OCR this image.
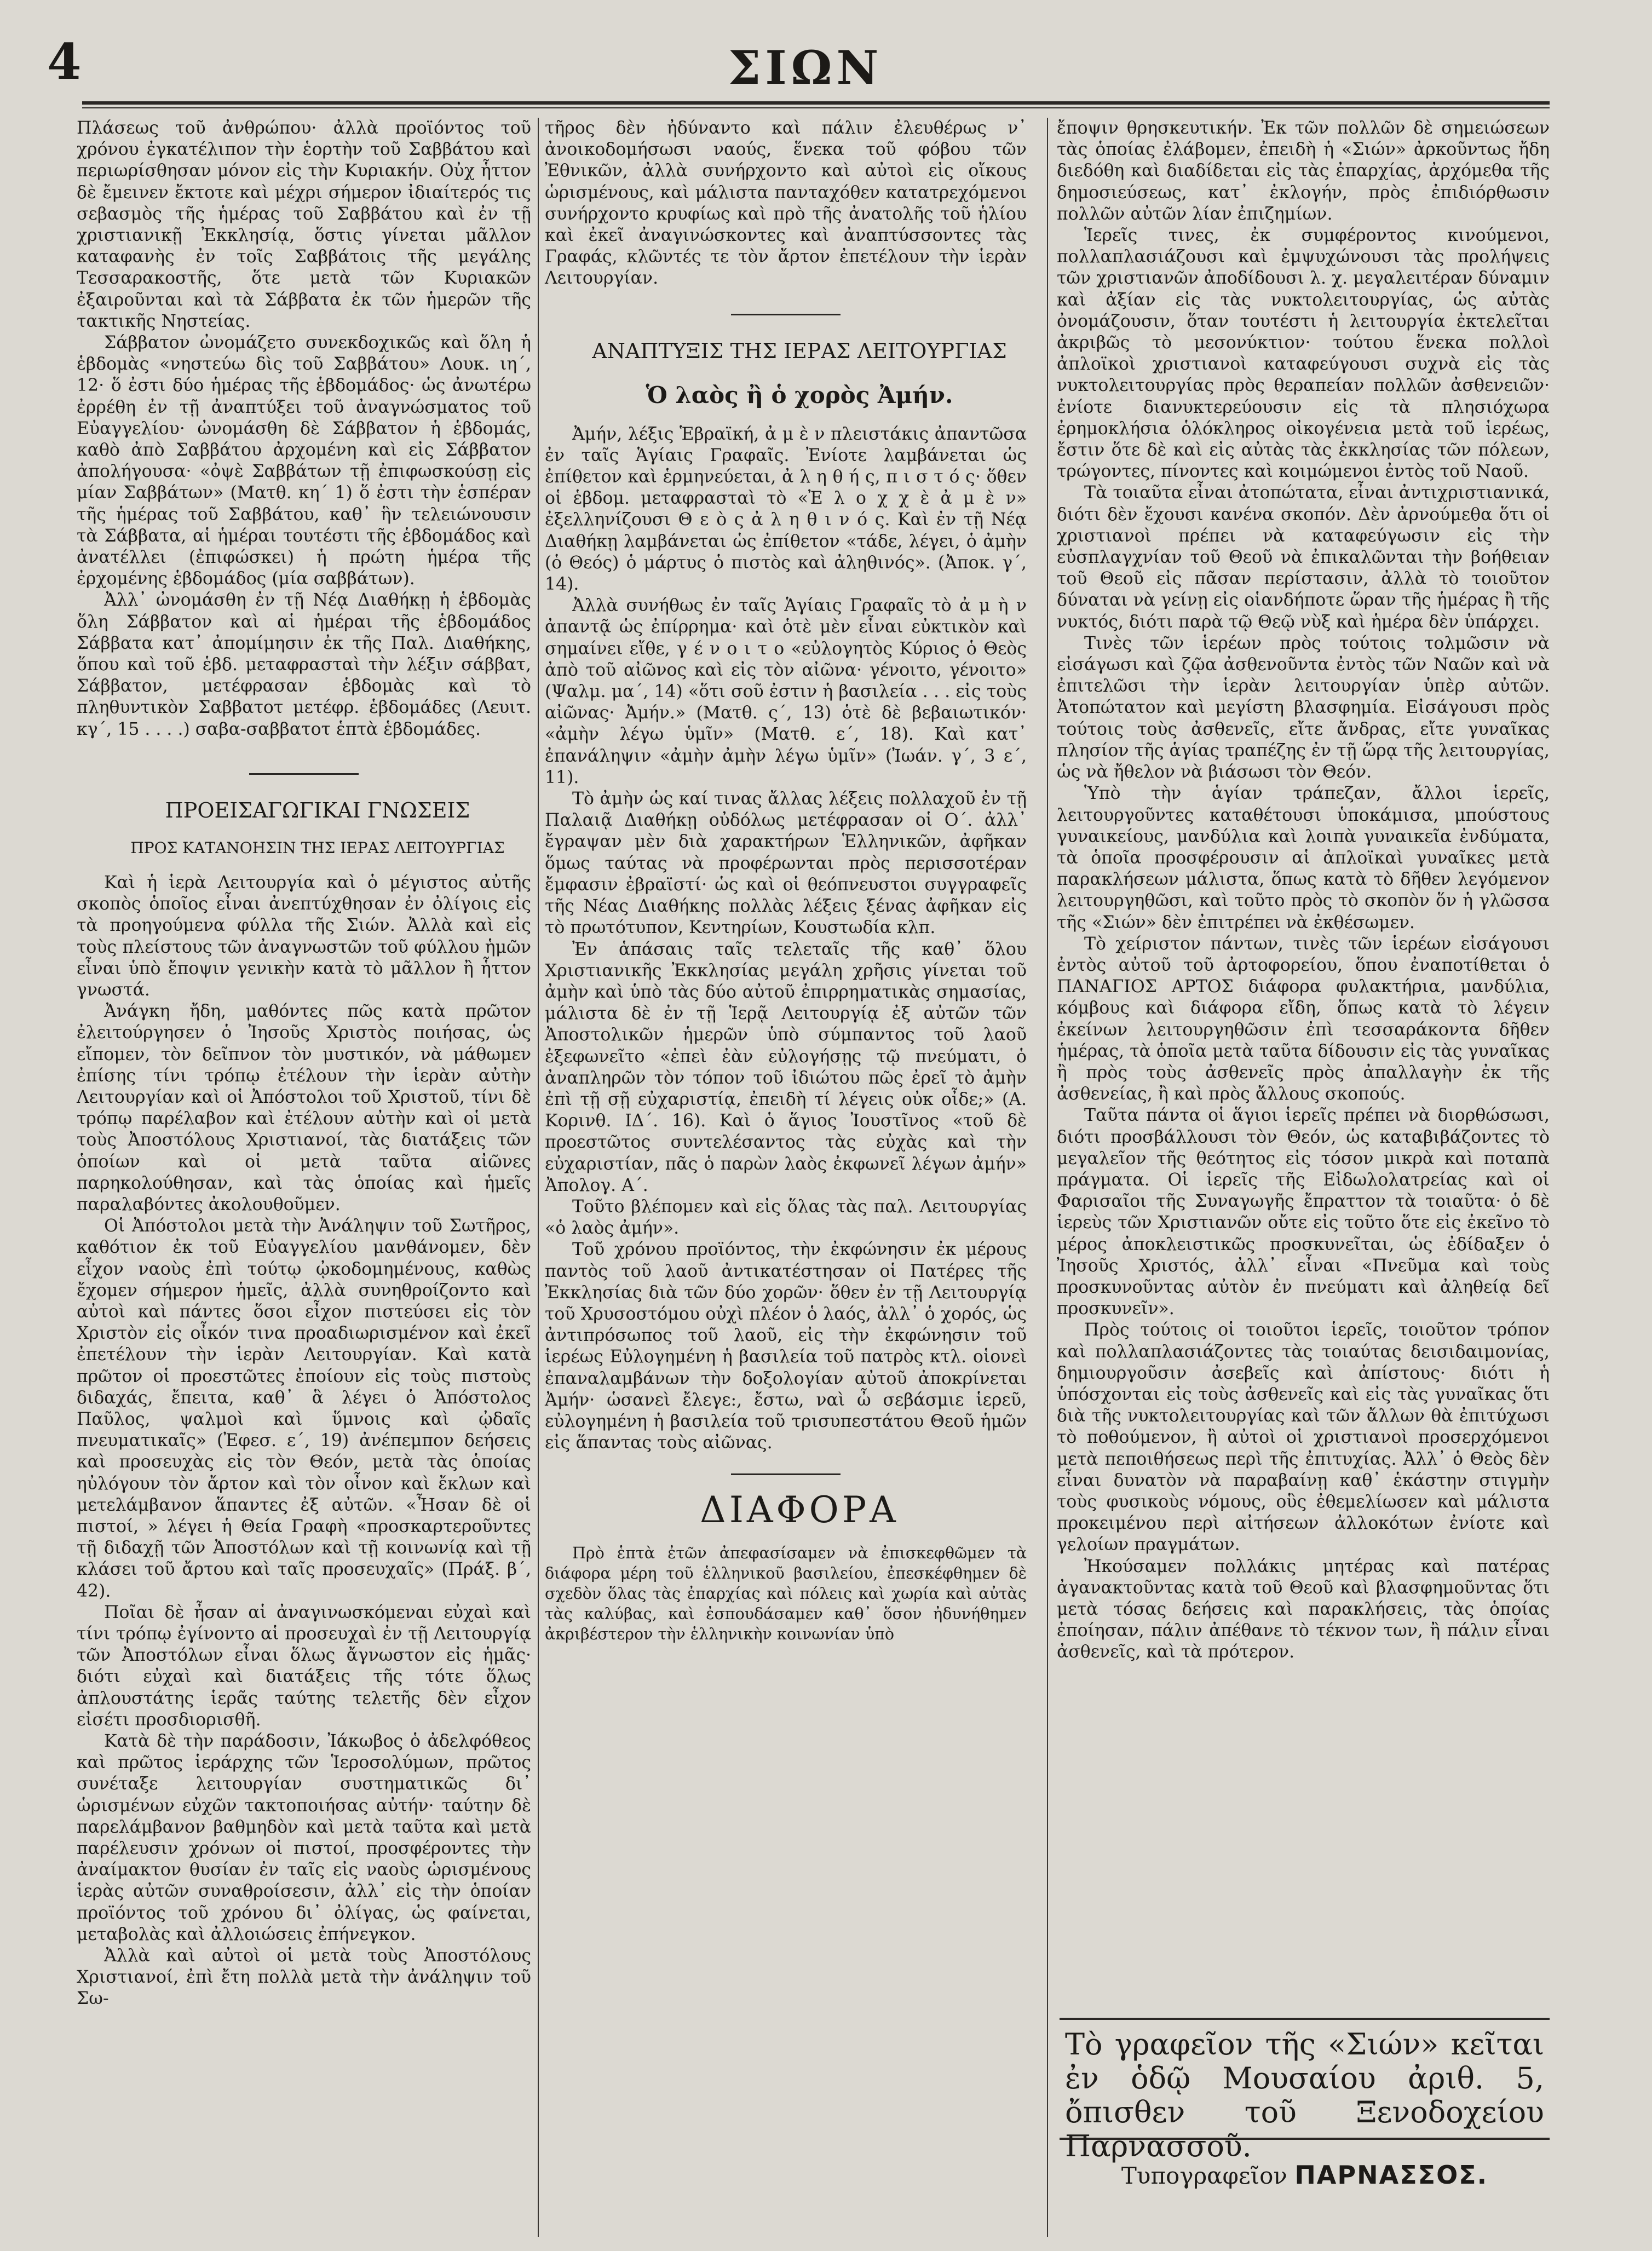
4	ΣΙΩΝ

Πλάσεως τοῦ ἀνθρώπου· ἀλλὰ προϊόντος τοῦ χρόνου ἐγκατέλιπον τὴν ἑορτὴν τοῦ Σαββάτου καὶ περιωρίσθησαν μόνον εἰς τὴν Κυριακήν. Οὐχ ἧττον δὲ ἔμεινεν ἔκτοτε καὶ μέχρι σήμερον ἰδιαίτερός τις σεβασμὸς τῆς ἡμέρας τοῦ Σαββάτου καὶ ἐν τῇ χριστιανικῇ Ἐκκλησίᾳ, ὅστις γίνεται μᾶλλον καταφανὴς ἐν τοῖς Σαββάτοις τῆς μεγάλης Τεσσαρακοστῆς, ὅτε μετὰ τῶν Κυριακῶν ἐξαιροῦνται καὶ τὰ Σάββατα ἐκ τῶν ἡμερῶν τῆς τακτικῆς Νηστείας.

Σάββατον ὠνομάζετο συνεκδοχικῶς καὶ ὅλη ἡ ἑβδομὰς «νηστεύω δὶς τοῦ Σαββάτου» Λουκ. ιη΄, 12· ὅ ἐστι δύο ἡμέρας τῆς ἑβδομάδος· ὡς ἀνωτέρω ἐρρέθη ἐν τῇ ἀναπτύξει τοῦ ἀναγνώσματος τοῦ Εὐαγγελίου· ὠνομάσθη δὲ Σάββατον ἡ ἑβδομάς, καθὸ ἀπὸ Σαββάτου ἀρχομένη καὶ εἰς Σάββατον ἀπολήγουσα· «ὀψὲ Σαββάτων τῇ ἐπιφωσκούσῃ εἰς μίαν Σαββάτων» (Ματθ. κη΄ 1) ὅ ἐστι τὴν ἑσπέραν τῆς ἡμέρας τοῦ Σαββάτου, καθ᾽ ἣν τελειώνουσιν τὰ Σάββατα, αἱ ἡμέραι τουτέστι τῆς ἑβδομάδος καὶ ἀνατέλλει (ἐπιφώσκει) ἡ πρώτη ἡμέρα τῆς ἐρχομένης ἑβδομάδος (μία σαββάτων).

Ἀλλ᾽ ὠνομάσθη ἐν τῇ Νέᾳ Διαθήκῃ ἡ ἑβδομὰς ὅλη Σάββατον καὶ αἱ ἡμέραι τῆς ἑβδομάδος Σάββατα κατ᾽ ἀπομίμησιν ἐκ τῆς Παλ. Διαθήκης, ὅπου καὶ τοῦ ἑβδ. μεταφρασταὶ τὴν λέξιν σάββατ, Σάββατον, μετέφρασαν ἑβδομὰς καὶ τὸ πληθυντικὸν Σαββατοτ μετέφρ. ἑβδομάδες (Λευιτ. κγ΄, 15 . . . .) σαβα-σαββατοτ ἑπτὰ ἑβδομάδες.

ΠΡΟΕΙΣΑΓΩΓΙΚΑΙ ΓΝΩΣΕΙΣ

ΠΡΟΣ ΚΑΤΑΝΟΗΣΙΝ ΤΗΣ ΙΕΡΑΣ ΛΕΙΤΟΥΡΓΙΑΣ

Καὶ ἡ ἱερὰ Λειτουργία καὶ ὁ μέγιστος αὐτῆς σκοπὸς ὁποῖος εἶναι ἀνεπτύχθησαν ἐν ὀλίγοις εἰς τὰ προηγούμενα φύλλα τῆς Σιών. Ἀλλὰ καὶ εἰς τοὺς πλείστους τῶν ἀναγνωστῶν τοῦ φύλλου ἡμῶν εἶναι ὑπὸ ἔποψιν γενικὴν κατὰ τὸ μᾶλλον ἢ ἧττον γνωστά.

Ἀνάγκη ἤδη, μαθόντες πῶς κατὰ πρῶτον ἐλειτούργησεν ὁ Ἰησοῦς Χριστὸς ποιήσας, ὡς εἴπομεν, τὸν δεῖπνον τὸν μυστικόν, νὰ μάθωμεν ἐπίσης τίνι τρόπῳ ἐτέλουν τὴν ἱερὰν αὐτὴν Λειτουργίαν καὶ οἱ Ἀπόστολοι τοῦ Χριστοῦ, τίνι δὲ τρόπῳ παρέλαβον καὶ ἐτέλουν αὐτὴν καὶ οἱ μετὰ τοὺς Ἀποστόλους Χριστιανοί, τὰς διατάξεις τῶν ὁποίων καὶ οἱ μετὰ ταῦτα αἰῶνες παρηκολούθησαν, καὶ τὰς ὁποίας καὶ ἡμεῖς παραλαβόντες ἀκολουθοῦμεν.

Οἱ Ἀπόστολοι μετὰ τὴν Ἀνάληψιν τοῦ Σωτῆρος, καθότιον ἐκ τοῦ Εὐαγγελίου μανθάνομεν, δὲν εἶχον ναοὺς ἐπὶ τούτῳ ᾠκοδομημένους, καθὼς ἔχομεν σήμερον ἡμεῖς, ἀλλὰ συνηθροίζοντο καὶ αὐτοὶ καὶ πάντες ὅσοι εἶχον πιστεύσει εἰς τὸν Χριστὸν εἰς οἶκόν τινα προαδιωρισμένον καὶ ἐκεῖ ἐπετέλουν τὴν ἱερὰν Λειτουργίαν. Καὶ κατὰ πρῶτον οἱ προεστῶτες ἐποίουν εἰς τοὺς πιστοὺς διδαχάς, ἔπειτα, καθ᾽ ἃ λέγει ὁ Ἀπόστολος Παῦλος, ψαλμοὶ καὶ ὕμνοις καὶ ᾠδαῖς πνευματικαῖς» (Ἐφεσ. ε΄, 19) ἀνέπεμπον δεήσεις καὶ προσευχὰς εἰς τὸν Θεόν, μετὰ τὰς ὁποίας ηὐλόγουν τὸν ἄρτον καὶ τὸν οἶνον καὶ ἔκλων καὶ μετελάμβανον ἅπαντες ἐξ αὐτῶν. «Ἦσαν δὲ οἱ πιστοί, » λέγει ἡ Θεία Γραφὴ «προσκαρτεροῦντες τῇ διδαχῇ τῶν Ἀποστόλων καὶ τῇ κοινωνίᾳ καὶ τῇ κλάσει τοῦ ἄρτου καὶ ταῖς προσευχαῖς» (Πράξ. β΄, 42).

Ποῖαι δὲ ἦσαν αἱ ἀναγινωσκόμεναι εὐχαὶ καὶ τίνι τρόπῳ ἐγίνοντο αἱ προσευχαὶ ἐν τῇ Λειτουργίᾳ τῶν Ἀποστόλων εἶναι ὅλως ἄγνωστον εἰς ἡμᾶς· διότι εὐχαὶ καὶ διατάξεις τῆς τότε ὅλως ἀπλουστάτης ἱερᾶς ταύτης τελετῆς δὲν εἶχον εἰσέτι προσδιορισθῆ.

Κατὰ δὲ τὴν παράδοσιν, Ἰάκωβος ὁ ἀδελφόθεος καὶ πρῶτος ἱεράρχης τῶν Ἱεροσολύμων, πρῶτος συνέταξε λειτουργίαν συστηματικῶς δι᾽ ὡρισμένων εὐχῶν τακτοποιήσας αὐτήν· ταύτην δὲ παρελάμβανον βαθμηδὸν καὶ μετὰ ταῦτα καὶ μετὰ παρέλευσιν χρόνων οἱ πιστοί, προσφέροντες τὴν ἀναίμακτον θυσίαν ἐν ταῖς εἰς ναοὺς ὡρισμένους ἱερὰς αὐτῶν συναθροίσεσιν, ἀλλ᾽ εἰς τὴν ὁποίαν προϊόντος τοῦ χρόνου δι᾽ ὀλίγας, ὡς φαίνεται, μεταβολὰς καὶ ἀλλοιώσεις ἐπήνεγκον.

Ἀλλὰ καὶ αὐτοὶ οἱ μετὰ τοὺς Ἀποστόλους Χριστιανοί, ἐπὶ ἔτη πολλὰ μετὰ τὴν ἀνάληψιν τοῦ Σω-

τῆρος δὲν ἠδύναντο καὶ πάλιν ἐλευθέρως ν᾽ ἀνοικοδομήσωσι ναούς, ἕνεκα τοῦ φόβου τῶν Ἐθνικῶν, ἀλλὰ συνήρχοντο καὶ αὐτοὶ εἰς οἴκους ὡρισμένους, καὶ μάλιστα πανταχόθεν κατατρεχόμενοι συνήρχοντο κρυφίως καὶ πρὸ τῆς ἀνατολῆς τοῦ ἡλίου καὶ ἐκεῖ ἀναγινώσκοντες καὶ ἀναπτύσσοντες τὰς Γραφάς, κλῶντές τε τὸν ἄρτον ἐπετέλουν τὴν ἱερὰν Λειτουργίαν.

ΑΝΑΠΤΥΞΙΣ ΤΗΣ ΙΕΡΑΣ ΛΕΙΤΟΥΡΓΙΑΣ

Ὁ λαὸς ἢ ὁ χορὸς Ἀμήν.

Ἀμήν, λέξις Ἑβραϊκή, ἀ μ ὲ ν πλειστάκις ἀπαντῶσα ἐν ταῖς Ἁγίαις Γραφαῖς. Ἐνίοτε λαμβάνεται ὡς ἐπίθετον καὶ ἑρμηνεύεται, ἀ λ η θ ή ς, π ι σ τ ό ς· ὅθεν οἱ ἑβδομ. μεταφρασταὶ τὸ «Ἐ λ ο χ χ ὲ ἀ μ ὲ ν» ἐξελληνίζουσι Θ ε ὸ ς ἀ λ η θ ι ν ό ς. Καὶ ἐν τῇ Νέᾳ Διαθήκῃ λαμβάνεται ὡς ἐπίθετον «τάδε, λέγει, ὁ ἀμὴν (ὁ Θεός) ὁ μάρτυς ὁ πιστὸς καὶ ἀληθινός». (Ἀποκ. γ΄, 14).

Ἀλλὰ συνήθως ἐν ταῖς Ἁγίαις Γραφαῖς τὸ ἀ μ ὴ ν ἀπαντᾷ ὡς ἐπίρρημα· καὶ ὁτὲ μὲν εἶναι εὐκτικὸν καὶ σημαίνει εἴθε, γ έ ν ο ι τ ο «εὐλογητὸς Κύριος ὁ Θεὸς ἀπὸ τοῦ αἰῶνος καὶ εἰς τὸν αἰῶνα· γένοιτο, γένοιτο» (Ψαλμ. μα΄, 14) «ὅτι σοῦ ἐστιν ἡ βασιλεία . . . εἰς τοὺς αἰῶνας· Ἀμήν.» (Ματθ. ς΄, 13) ὁτὲ δὲ βεβαιωτικόν· «ἀμὴν λέγω ὑμῖν» (Ματθ. ε΄, 18). Καὶ κατ᾽ ἐπανάληψιν «ἀμὴν ἀμὴν λέγω ὑμῖν» (Ἰωάν. γ΄, 3 ε΄, 11).

Τὸ ἀμὴν ὡς καί τινας ἄλλας λέξεις πολλαχοῦ ἐν τῇ Παλαιᾷ Διαθήκῃ οὐδόλως μετέφρασαν οἱ Ο΄. ἀλλ᾽ ἔγραψαν μὲν διὰ χαρακτήρων Ἑλληνικῶν, ἀφῆκαν ὅμως ταύτας νὰ προφέρωνται πρὸς περισσοτέραν ἔμφασιν ἐβραϊστί· ὡς καὶ οἱ θεόπνευστοι συγγραφεῖς τῆς Νέας Διαθήκης πολλὰς λέξεις ξένας ἀφῆκαν εἰς τὸ πρωτότυπον, Κεντηρίων, Κουστωδία κλπ.

Ἐν ἁπάσαις ταῖς τελεταῖς τῆς καθ᾽ ὅλου Χριστιανικῆς Ἐκκλησίας μεγάλη χρῆσις γίνεται τοῦ ἀμὴν καὶ ὑπὸ τὰς δύο αὐτοῦ ἐπιρρηματικὰς σημασίας, μάλιστα δὲ ἐν τῇ Ἱερᾷ Λειτουργίᾳ ἐξ αὐτῶν τῶν Ἀποστολικῶν ἡμερῶν ὑπὸ σύμπαντος τοῦ λαοῦ ἐξεφωνεῖτο «ἐπεὶ ἐὰν εὐλογήσῃς τῷ πνεύματι, ὁ ἀναπληρῶν τὸν τόπον τοῦ ἰδιώτου πῶς ἐρεῖ τὸ ἀμὴν ἐπὶ τῇ σῇ εὐχαριστίᾳ, ἐπειδὴ τί λέγεις οὐκ οἶδε;» (Α. Κορινθ. ΙΔ΄. 16). Καὶ ὁ ἅγιος Ἰουστῖνος «τοῦ δὲ προεστῶτος συντελέσαντος τὰς εὐχὰς καὶ τὴν εὐχαριστίαν, πᾶς ὁ παρὼν λαὸς ἐκφωνεῖ λέγων ἀμήν» Ἀπολογ. Α΄.

Τοῦτο βλέπομεν καὶ εἰς ὅλας τὰς παλ. Λειτουργίας «ὁ λαὸς ἀμήν».

Τοῦ χρόνου προϊόντος, τὴν ἐκφώνησιν ἐκ μέρους παντὸς τοῦ λαοῦ ἀντικατέστησαν οἱ Πατέρες τῆς Ἐκκλησίας διὰ τῶν δύο χορῶν· ὅθεν ἐν τῇ Λειτουργίᾳ τοῦ Χρυσοστόμου οὐχὶ πλέον ὁ λαός, ἀλλ᾽ ὁ χορός, ὡς ἀντιπρόσωπος τοῦ λαοῦ, εἰς τὴν ἐκφώνησιν τοῦ ἱερέως Εὐλογημένη ἡ βασιλεία τοῦ πατρὸς κτλ. οἱονεὶ ἐπαναλαμβάνων τὴν δοξολογίαν αὐτοῦ ἀποκρίνεται Ἀμήν· ὡσανεὶ ἔλεγε:, ἔστω, ναὶ ὦ σεβάσμιε ἱερεῦ, εὐλογημένη ἡ βασιλεία τοῦ τρισυπεστάτου Θεοῦ ἡμῶν εἰς ἅπαντας τοὺς αἰῶνας.

ΔΙΑΦΟΡΑ

Πρὸ ἑπτὰ ἐτῶν ἀπεφασίσαμεν νὰ ἐπισκεφθῶμεν τὰ διάφορα μέρη τοῦ ἑλληνικοῦ βασιλείου, ἐπεσκέφθημεν δὲ σχεδὸν ὅλας τὰς ἐπαρχίας καὶ πόλεις καὶ χωρία καὶ αὐτὰς τὰς καλύβας, καὶ ἐσπουδάσαμεν καθ᾽ ὅσον ἠδυνήθημεν ἀκριβέστερον τὴν ἑλληνικὴν κοινωνίαν ὑπὸ

ἔποψιν θρησκευτικήν. Ἐκ τῶν πολλῶν δὲ σημειώσεων τὰς ὁποίας ἐλάβομεν, ἐπειδὴ ἡ «Σιών» ἀρκοῦντως ἤδη διεδόθη καὶ διαδίδεται εἰς τὰς ἐπαρχίας, ἀρχόμεθα τῆς δημοσιεύσεως, κατ᾽ ἐκλογήν, πρὸς ἐπιδιόρθωσιν πολλῶν αὐτῶν λίαν ἐπιζημίων.

Ἱερεῖς τινες, ἐκ συμφέροντος κινούμενοι, πολλαπλασιάζουσι καὶ ἐμψυχώνουσι τὰς προλήψεις τῶν χριστιανῶν ἀποδίδουσι λ. χ. μεγαλειτέραν δύναμιν καὶ ἀξίαν εἰς τὰς νυκτολειτουργίας, ὡς αὐτὰς ὀνομάζουσιν, ὅταν τουτέστι ἡ λειτουργία ἐκτελεῖται ἀκριβῶς τὸ μεσονύκτιον· τούτου ἕνεκα πολλοὶ ἀπλοϊκοὶ χριστιανοὶ καταφεύγουσι συχνὰ εἰς τὰς νυκτολειτουργίας πρὸς θεραπείαν πολλῶν ἀσθενειῶν· ἐνίοτε διανυκτερεύουσιν εἰς τὰ πλησιόχωρα ἐρημοκλήσια ὁλόκληρος οἰκογένεια μετὰ τοῦ ἱερέως, ἔστιν ὅτε δὲ καὶ εἰς αὐτὰς τὰς ἐκκλησίας τῶν πόλεων, τρώγοντες, πίνοντες καὶ κοιμώμενοι ἐντὸς τοῦ Ναοῦ.

Τὰ τοιαῦτα εἶναι ἀτοπώτατα, εἶναι ἀντιχριστιανικά, διότι δὲν ἔχουσι κανένα σκοπόν. Δὲν ἀρνούμεθα ὅτι οἱ χριστιανοὶ πρέπει νὰ καταφεύγωσιν εἰς τὴν εὐσπλαγχνίαν τοῦ Θεοῦ νὰ ἐπικαλῶνται τὴν βοήθειαν τοῦ Θεοῦ εἰς πᾶσαν περίστασιν, ἀλλὰ τὸ τοιοῦτον δύναται νὰ γείνῃ εἰς οἱανδήποτε ὥραν τῆς ἡμέρας ἢ τῆς νυκτός, διότι παρὰ τῷ Θεῷ νὺξ καὶ ἡμέρα δὲν ὑπάρχει.

Τινὲς τῶν ἱερέων πρὸς τούτοις τολμῶσιν νὰ εἰσάγωσι καὶ ζῷα ἀσθενοῦντα ἐντὸς τῶν Ναῶν καὶ νὰ ἐπιτελῶσι τὴν ἱερὰν λειτουργίαν ὑπὲρ αὐτῶν. Ἀτοπώτατον καὶ μεγίστη βλασφημία. Εἰσάγουσι πρὸς τούτοις τοὺς ἀσθενεῖς, εἴτε ἄνδρας, εἴτε γυναῖκας πλησίον τῆς ἁγίας τραπέζης ἐν τῇ ὥρᾳ τῆς λειτουργίας, ὡς νὰ ἤθελον νὰ βιάσωσι τὸν Θεόν.

Ὑπὸ τὴν ἁγίαν τράπεζαν, ἄλλοι ἱερεῖς, λειτουργοῦντες καταθέτουσι ὑποκάμισα, μπούστους γυναικείους, μανδύλια καὶ λοιπὰ γυναικεῖα ἐνδύματα, τὰ ὁποῖα προσφέρουσιν αἱ ἀπλοϊκαὶ γυναῖκες μετὰ παρακλήσεων μάλιστα, ὅπως κατὰ τὸ δῆθεν λεγόμενον λειτουργηθῶσι, καὶ τοῦτο πρὸς τὸ σκοπὸν ὅν ἡ γλῶσσα τῆς «Σιών» δὲν ἐπιτρέπει νὰ ἐκθέσωμεν.

Τὸ χείριστον πάντων, τινὲς τῶν ἱερέων εἰσάγουσι ἐντὸς αὐτοῦ τοῦ ἀρτοφορείου, ὅπου ἐναποτίθεται ὁ ΠΑΝΑΓΙΟΣ ΑΡΤΟΣ διάφορα φυλακτήρια, μανδύλια, κόμβους καὶ διάφορα εἴδη, ὅπως κατὰ τὸ λέγειν ἐκείνων λειτουργηθῶσιν ἐπὶ τεσσαράκοντα δῆθεν ἡμέρας, τὰ ὁποῖα μετὰ ταῦτα δίδουσιν εἰς τὰς γυναῖκας ἢ πρὸς τοὺς ἀσθενεῖς πρὸς ἀπαλλαγὴν ἐκ τῆς ἀσθενείας, ἢ καὶ πρὸς ἄλλους σκοπούς.

Ταῦτα πάντα οἱ ἅγιοι ἱερεῖς πρέπει νὰ διορθώσωσι, διότι προσβάλλουσι τὸν Θεόν, ὡς καταβιβάζοντες τὸ μεγαλεῖον τῆς θεότητος εἰς τόσον μικρὰ καὶ ποταπὰ πράγματα. Οἱ ἱερεῖς τῆς Εἰδωλολατρείας καὶ οἱ Φαρισαῖοι τῆς Συναγωγῆς ἔπραττον τὰ τοιαῦτα· ὁ δὲ ἱερεὺς τῶν Χριστιανῶν οὔτε εἰς τοῦτο ὅτε εἰς ἐκεῖνο τὸ μέρος ἀποκλειστικῶς προσκυνεῖται, ὡς ἐδίδαξεν ὁ Ἰησοῦς Χριστός, ἀλλ᾽ εἶναι «Πνεῦμα καὶ τοὺς προσκυνοῦντας αὐτὸν ἐν πνεύματι καὶ ἀληθείᾳ δεῖ προσκυνεῖν».

Πρὸς τούτοις οἱ τοιοῦτοι ἱερεῖς, τοιοῦτον τρόπον καὶ πολλαπλασιάζοντες τὰς τοιαύτας δεισιδαιμονίας, δημιουργοῦσιν ἀσεβεῖς καὶ ἀπίστους· διότι ἡ ὑπόσχονται εἰς τοὺς ἀσθενεῖς καὶ εἰς τὰς γυναῖκας ὅτι διὰ τῆς νυκτολειτουργίας καὶ τῶν ἄλλων θὰ ἐπιτύχωσι τὸ ποθούμενον, ἢ αὐτοὶ οἱ χριστιανοὶ προσερχόμενοι μετὰ πεποιθήσεως περὶ τῆς ἐπιτυχίας. Ἀλλ᾽ ὁ Θεὸς δὲν εἶναι δυνατὸν νὰ παραβαίνῃ καθ᾽ ἑκάστην στιγμὴν τοὺς φυσικοὺς νόμους, οὓς ἐθεμελίωσεν καὶ μάλιστα προκειμένου περὶ αἰτήσεων ἀλλοκότων ἐνίοτε καὶ γελοίων πραγμάτων.

Ἠκούσαμεν πολλάκις μητέρας καὶ πατέρας ἀγανακτοῦντας κατὰ τοῦ Θεοῦ καὶ βλασφημοῦντας ὅτι μετὰ τόσας δεήσεις καὶ παρακλήσεις, τὰς ὁποίας ἐποίησαν, πάλιν ἀπέθανε τὸ τέκνον των, ἢ πάλιν εἶναι ἀσθενεῖς, καὶ τὰ πρότερον.

Τὸ γραφεῖον τῆς «Σιών» κεῖται ἐν ὁδῷ Μουσαίου ἀριθ. 5, ὄπισθεν τοῦ Ξενοδοχείου Παρνασσοῦ.

Τυπογραφεῖον ΠΑΡΝΑΣΣΟΣ.
